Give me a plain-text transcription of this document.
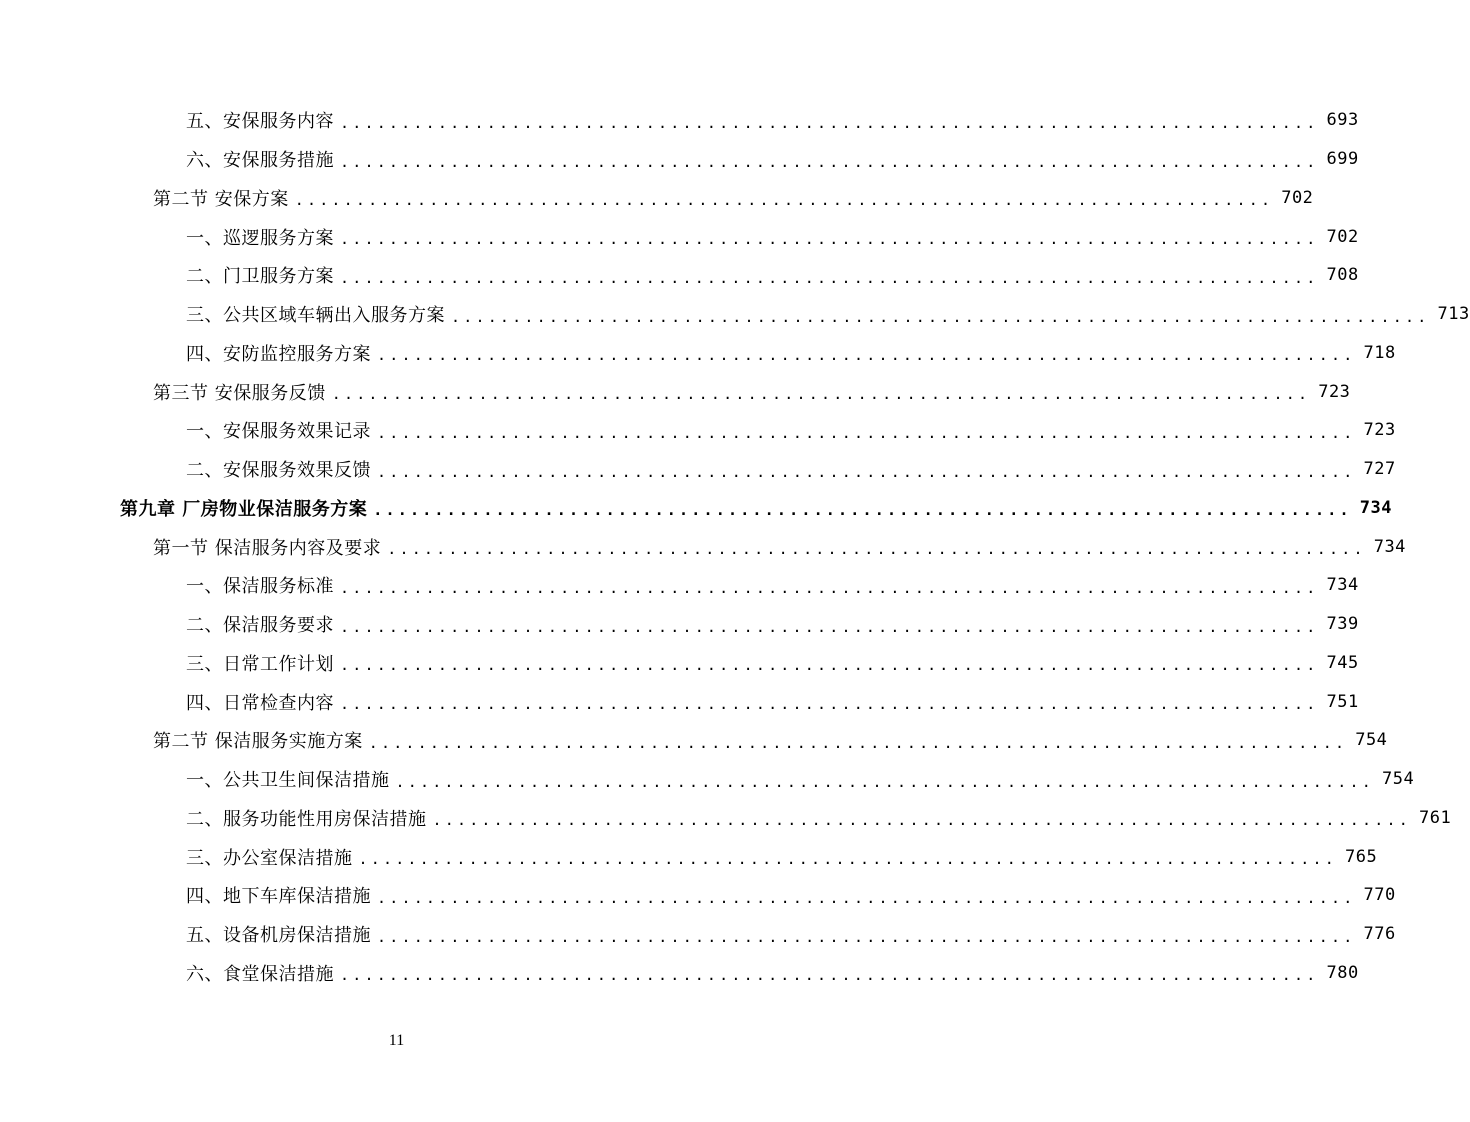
五、安保服务内容 ................................................................................ 693
六、安保服务措施 ................................................................................ 699
第二节 安保方案 ................................................................................ 702
一、巡逻服务方案 ................................................................................ 702
二、门卫服务方案 ................................................................................ 708
三、公共区域车辆出入服务方案 ................................................................................ 713
四、安防监控服务方案 ................................................................................ 718
第三节 安保服务反馈 ................................................................................ 723
一、安保服务效果记录 ................................................................................ 723
二、安保服务效果反馈 ................................................................................ 727
第九章 厂房物业保洁服务方案 ................................................................................ 734
第一节 保洁服务内容及要求 ................................................................................ 734
一、保洁服务标准 ................................................................................ 734
二、保洁服务要求 ................................................................................ 739
三、日常工作计划 ................................................................................ 745
四、日常检查内容 ................................................................................ 751
第二节 保洁服务实施方案 ................................................................................ 754
一、公共卫生间保洁措施 ................................................................................ 754
二、服务功能性用房保洁措施 ................................................................................ 761
三、办公室保洁措施 ................................................................................ 765
四、地下车库保洁措施 ................................................................................ 770
五、设备机房保洁措施 ................................................................................ 776
六、食堂保洁措施 ................................................................................ 780
11
